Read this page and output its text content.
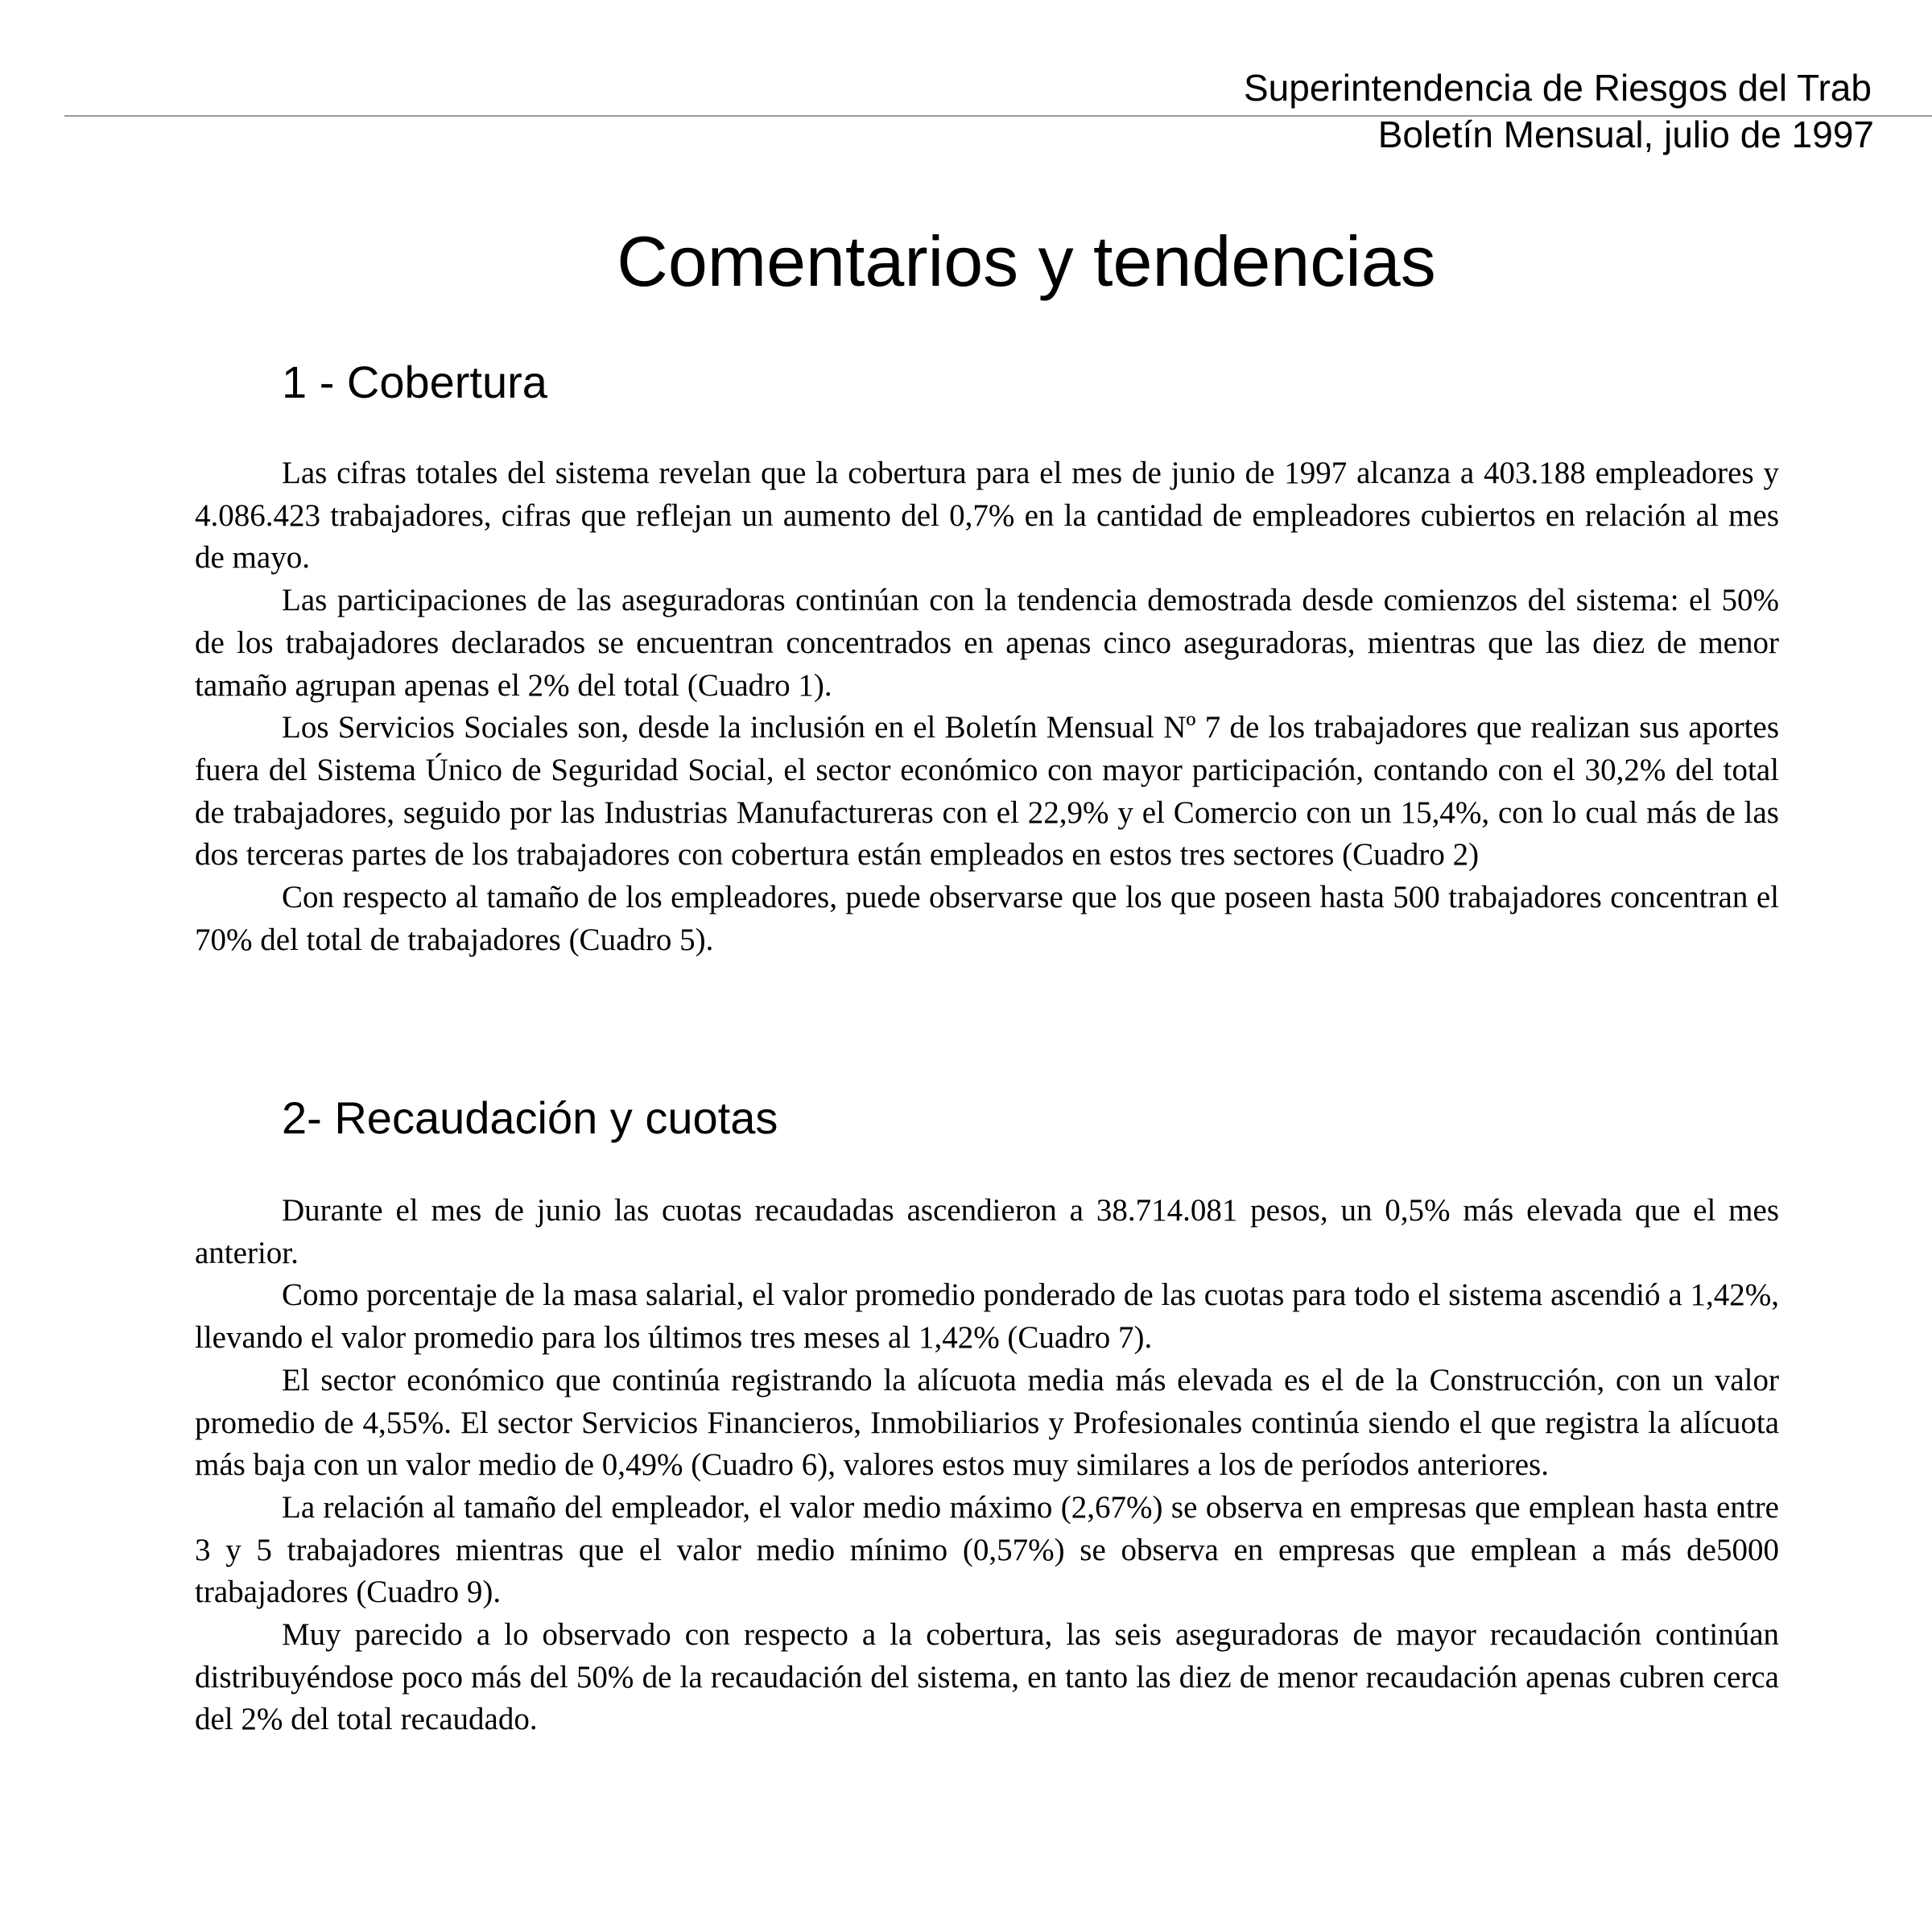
Superintendencia de Riesgos del Trab
Boletín Mensual, julio de 1997
Comentarios y tendencias
1 - Cobertura

Las cifras totales del sistema revelan que la cobertura para el mes de junio de 1997 alcanza a 403.188 empleadores y 4.086.423 trabajadores, cifras que reflejan un aumento del 0,7% en la cantidad de empleadores cubiertos en relación al mes de mayo.

Las participaciones de las aseguradoras continúan con la tendencia demostrada desde comienzos del sistema: el 50% de los trabajadores declarados se encuentran concentrados en apenas cinco aseguradoras, mientras que las diez de menor tamaño agrupan apenas el 2% del total (Cuadro 1).

Los Servicios Sociales son, desde la inclusión en el Boletín Mensual Nº 7 de los trabajadores que realizan sus aportes fuera del Sistema Único de Seguridad Social, el sector económico con mayor participación, contando con el 30,2% del total de trabajadores, seguido por las Industrias Manufactureras con el 22,9% y el Comercio con un 15,4%, con lo cual más de las dos terceras partes de los trabajadores con cobertura están empleados en estos tres sectores (Cuadro 2)

Con respecto al tamaño de los empleadores, puede observarse que los que poseen hasta 500 trabajadores concentran el 70% del total de trabajadores (Cuadro 5).

2- Recaudación y cuotas

Durante el mes de junio las cuotas recaudadas ascendieron a 38.714.081 pesos, un 0,5% más elevada que el mes anterior.

Como porcentaje de la masa salarial, el valor promedio ponderado de las cuotas para todo el sistema ascendió a 1,42%, llevando el valor promedio para los últimos tres meses al 1,42% (Cuadro 7).

El sector económico que continúa registrando la alícuota media más elevada es el de la Construcción, con un valor promedio de 4,55%. El sector Servicios Financieros, Inmobiliarios y Profesionales continúa siendo el que registra la alícuota más baja con un valor medio de 0,49% (Cuadro 6), valores estos muy similares a los de períodos anteriores.

La relación al tamaño del empleador, el valor medio máximo (2,67%) se observa en empresas que emplean hasta entre 3 y 5 trabajadores mientras que el valor medio mínimo (0,57%) se observa en empresas que emplean a más de5000 trabajadores (Cuadro 9).

Muy parecido a lo observado con respecto a la cobertura, las seis aseguradoras de mayor recaudación continúan distribuyéndose poco más del 50% de la recaudación del sistema, en tanto las diez de menor recaudación apenas cubren cerca del 2% del total recaudado.
